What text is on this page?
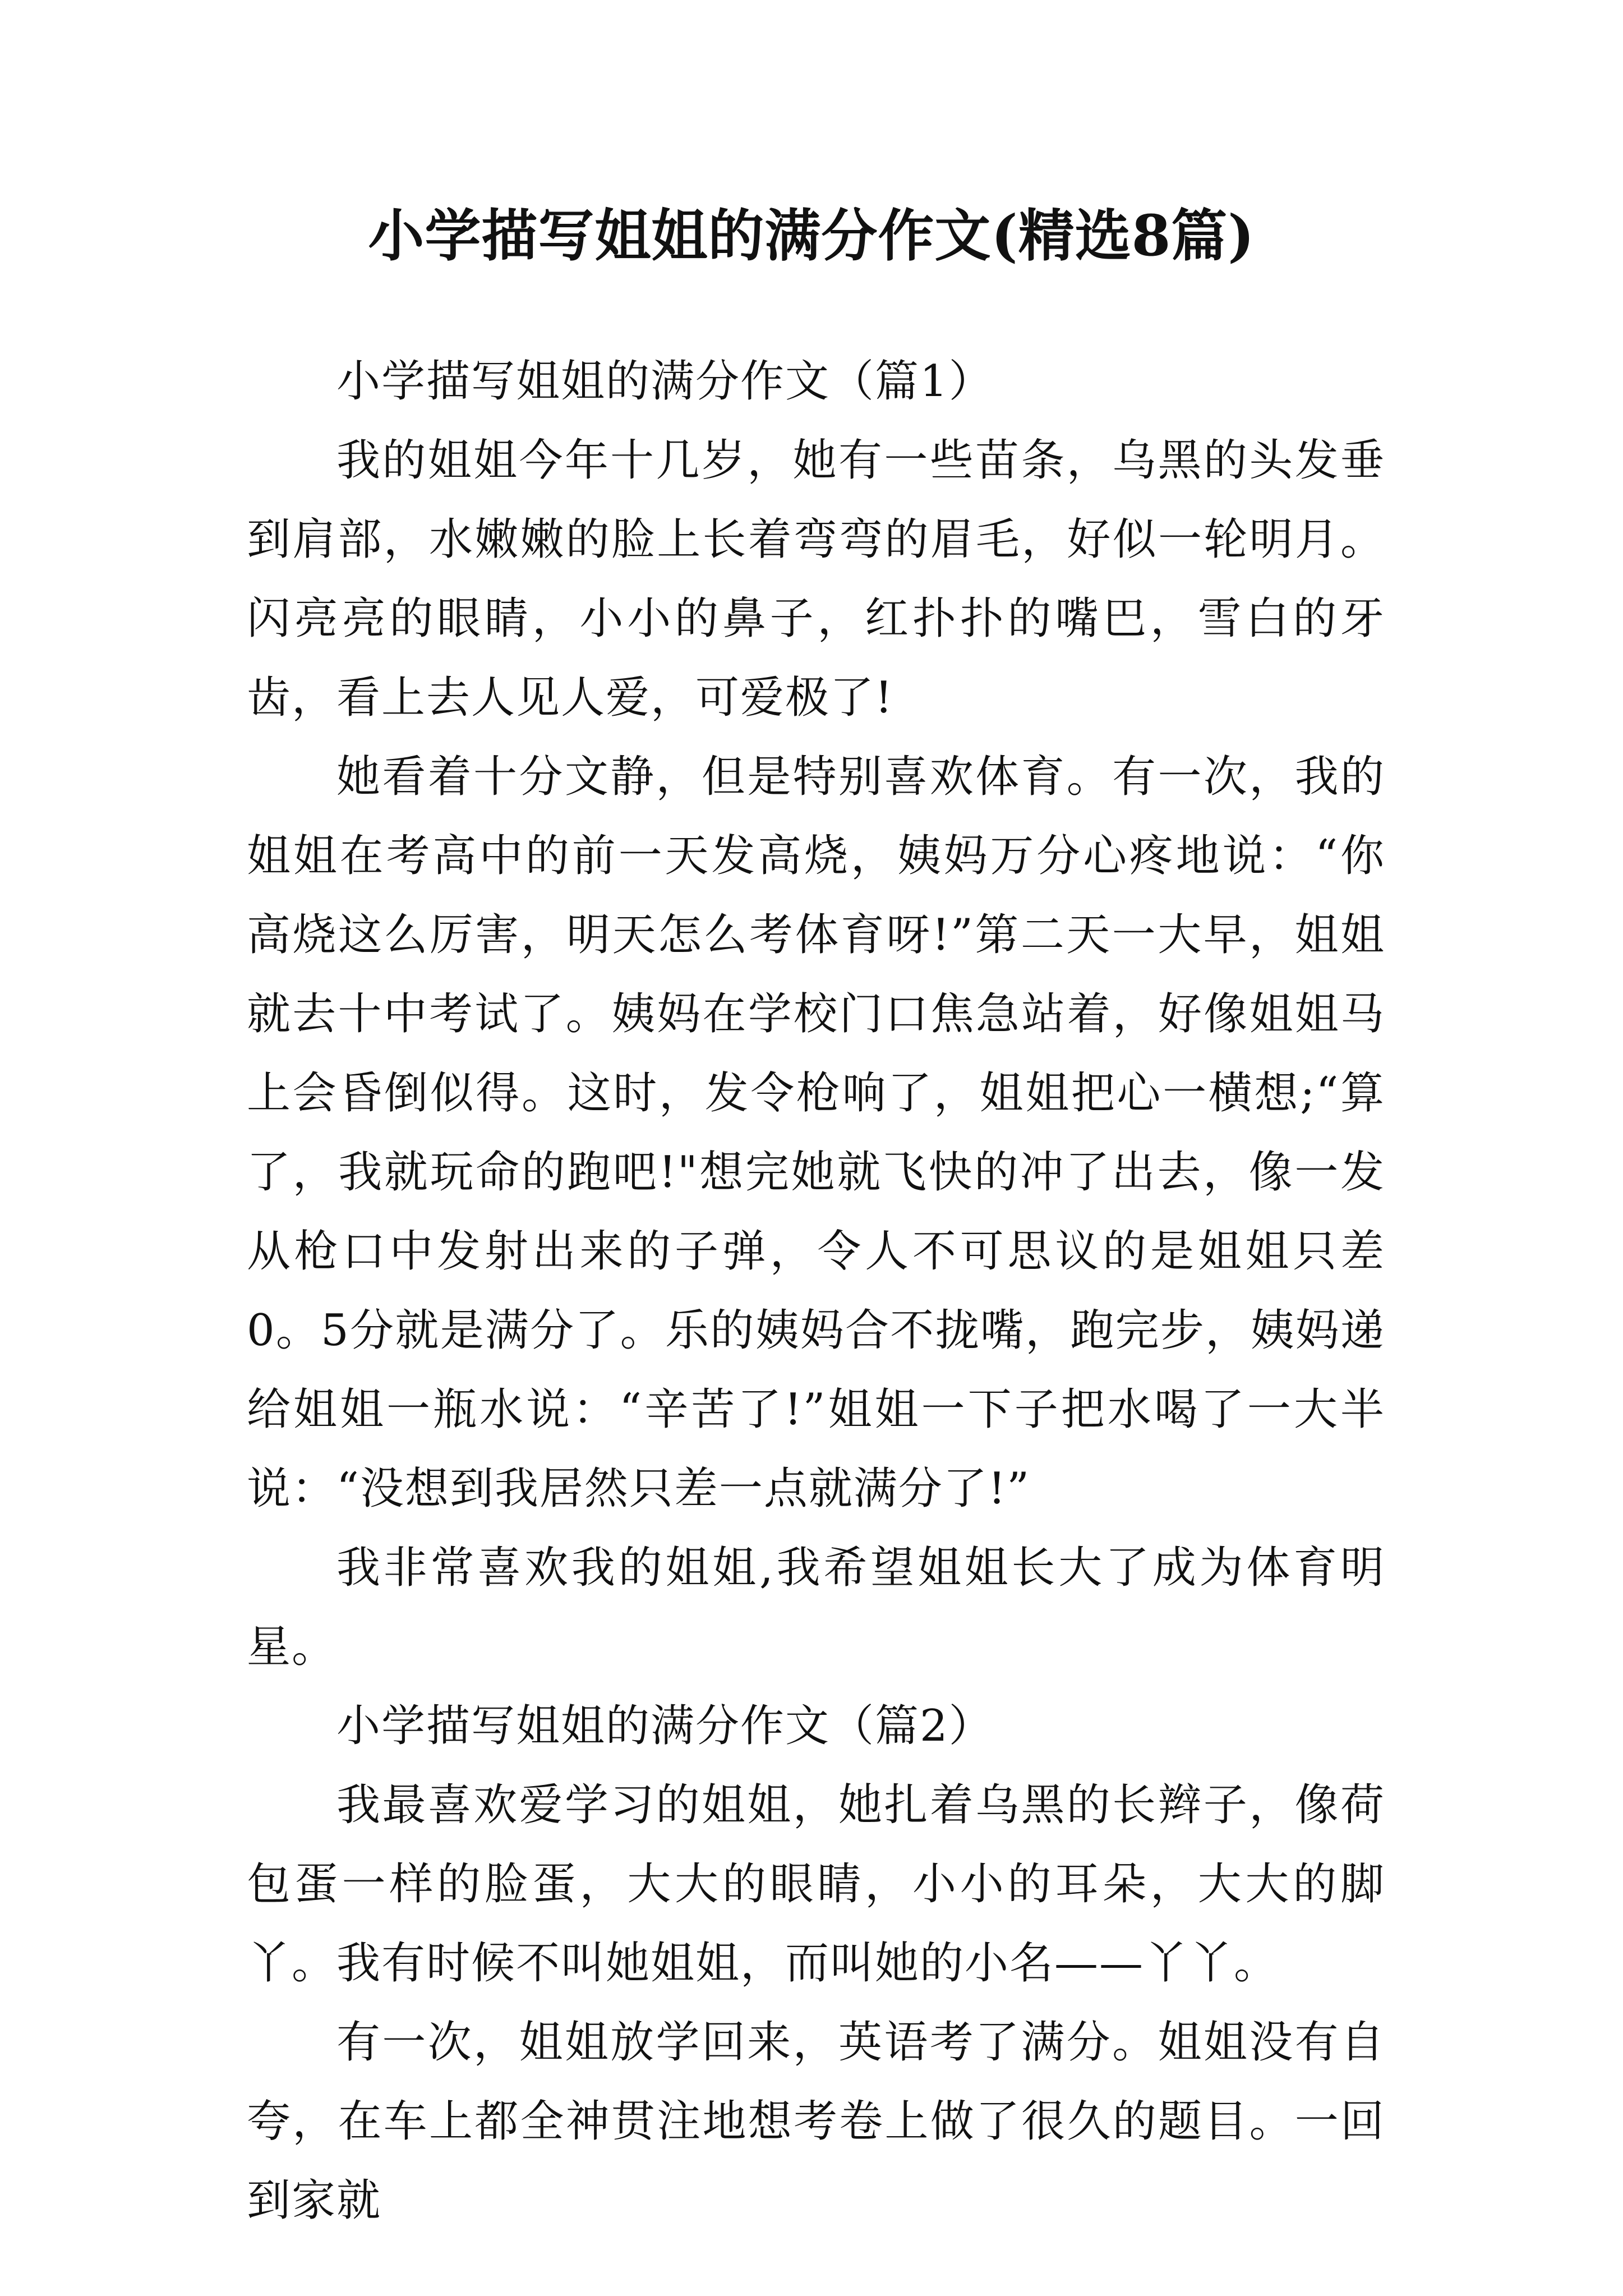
小学描写姐姐的满分作文(精选8篇)

小学描写姐姐的满分作文（篇1）

我的姐姐今年十几岁，她有一些苗条，乌黑的头发垂到肩部，水嫩嫩的脸上长着弯弯的眉毛，好似一轮明月。闪亮亮的眼睛，小小的鼻子，红扑扑的嘴巴，雪白的牙齿，看上去人见人爱，可爱极了!

她看着十分文静，但是特别喜欢体育。有一次，我的姐姐在考高中的前一天发高烧，姨妈万分心疼地说：“你高烧这么厉害，明天怎么考体育呀!”第二天一大早，姐姐就去十中考试了。姨妈在学校门口焦急站着，好像姐姐马上会昏倒似得。这时，发令枪响了，姐姐把心一横想;“算了，我就玩命的跑吧!"想完她就飞快的冲了出去，像一发从枪口中发射出来的子弹，令人不可思议的是姐姐只差0。5分就是满分了。乐的姨妈合不拢嘴，跑完步，姨妈递给姐姐一瓶水说：“辛苦了!”姐姐一下子把水喝了一大半说：“没想到我居然只差一点就满分了!”

我非常喜欢我的姐姐,我希望姐姐长大了成为体育明星。

小学描写姐姐的满分作文（篇2）

我最喜欢爱学习的姐姐，她扎着乌黑的长辫子，像荷包蛋一样的脸蛋，大大的眼睛，小小的耳朵，大大的脚丫。我有时候不叫她姐姐，而叫她的小名——丫丫。

有一次，姐姐放学回来，英语考了满分。姐姐没有自夸，在车上都全神贯注地想考卷上做了很久的题目。一回到家就
